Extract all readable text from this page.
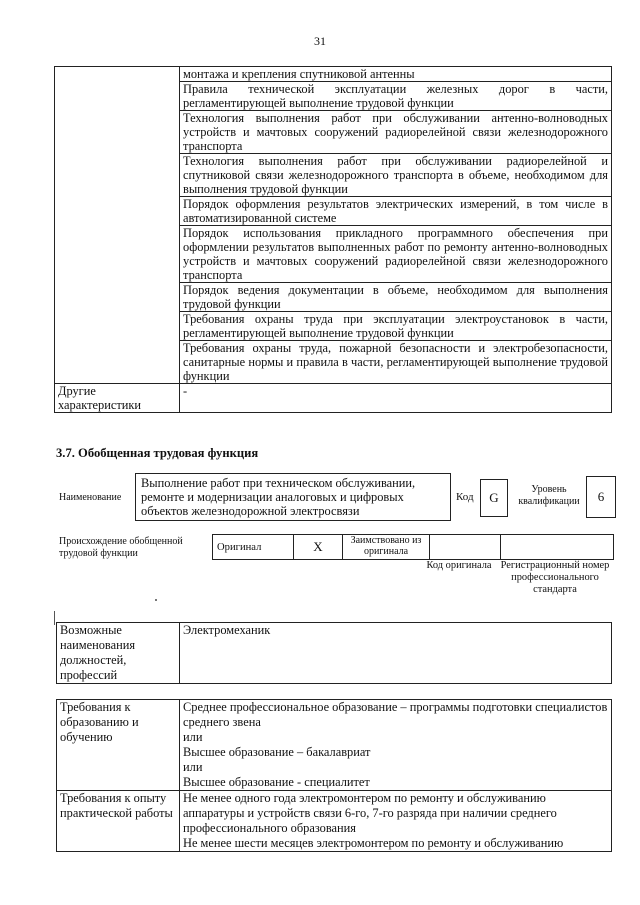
31
	монтажа и крепления спутниковой антенны
	Правила технической эксплуатации железных дорог в части, регламентирующей выполнение трудовой функции
	Технология выполнения работ при обслуживании антенно-волноводных устройств и мачтовых сооружений радиорелейной связи железнодорожного транспорта
	Технология выполнения работ при обслуживании радиорелейной и спутниковой связи железнодорожного транспорта в объеме, необходимом для выполнения трудовой функции
	Порядок оформления результатов электрических измерений, в том числе в автоматизированной системе
	Порядок использования прикладного программного обеспечения при оформлении результатов выполненных работ по ремонту антенно-волноводных устройств и мачтовых сооружений радиорелейной связи железнодорожного транспорта
	Порядок ведения документации в объеме, необходимом для выполнения трудовой функции
	Требования охраны труда при эксплуатации электроустановок в части, регламентирующей выполнение трудовой функции
	Требования охраны труда, пожарной безопасности и электробезопасности, санитарные нормы и правила в части, регламентирующей выполнение трудовой функции
Другие характеристики	-
3.7. Обобщенная трудовая функция
Наименование
Выполнение работ при техническом обслуживании, ремонте и модернизации аналоговых и цифровых объектов железнодорожной электросвязи
Код	G
Уровень квалификации	6
Происхождение обобщенной трудовой функции
Оригинал	X	Заимствовано из оригинала		
Код оригинала Регистрационный номер профессионального стандарта
Возможные наименования должностей, профессий	Электромеханик
Требования к образованию и обучению	Среднее профессиональное образование – программы подготовки специалистов среднего звена
или
Высшее образование – бакалавриат
или
Высшее образование - специалитет

Требования к опыту практической работы	Не менее одного года электромонтером по ремонту и обслуживанию аппаратуры и устройств связи 6-го, 7-го разряда при наличии среднего профессионального образования
Не менее шести месяцев электромонтером по ремонту и обслуживанию
